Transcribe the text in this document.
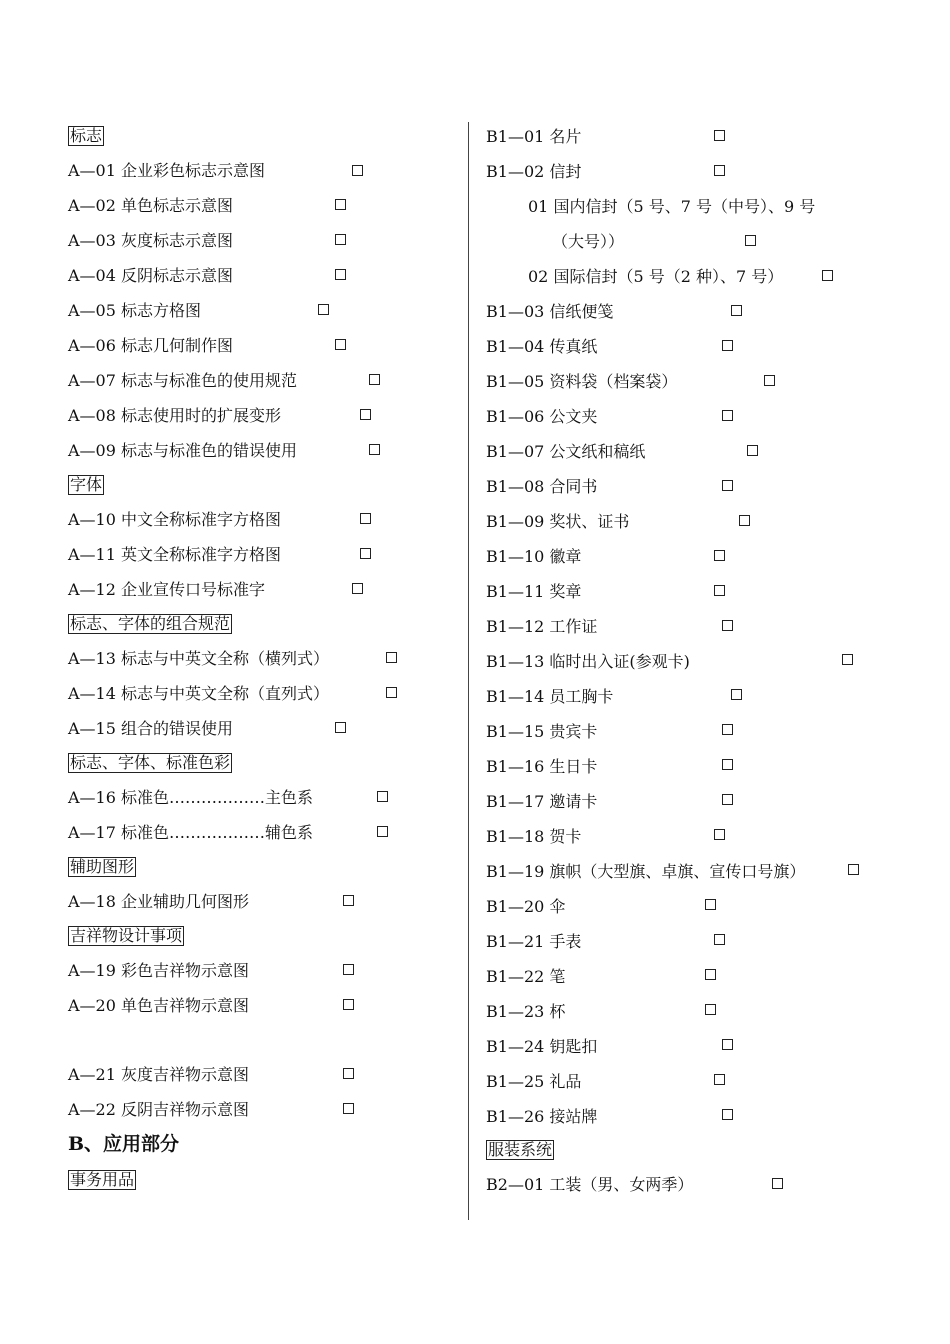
标志
A—01 企业彩色标志示意图
A—02 单色标志示意图
A—03 灰度标志示意图
A—04 反阴标志示意图
A—05 标志方格图
A—06 标志几何制作图
A—07 标志与标准色的使用规范
A—08 标志使用时的扩展变形
A—09 标志与标准色的错误使用
字体
A—10 中文全称标准字方格图
A—11 英文全称标准字方格图
A—12 企业宣传口号标准字
标志、字体的组合规范
A—13 标志与中英文全称（横列式）
A—14 标志与中英文全称（直列式）
A—15 组合的错误使用
标志、字体、标准色彩
A—16 标准色………………主色系
A—17 标准色………………辅色系
辅助图形
A—18 企业辅助几何图形
吉祥物设计事项
A—19 彩色吉祥物示意图
A—20 单色吉祥物示意图
A—21 灰度吉祥物示意图
A—22 反阴吉祥物示意图
B、应用部分
事务用品
B1—01 名片
B1—02 信封
01 国内信封（5 号、7 号（中号）、9 号
（大号））
02 国际信封（5 号（2 种）、7 号）
B1—03 信纸便笺
B1—04 传真纸
B1—05 资料袋（档案袋）
B1—06 公文夹
B1—07 公文纸和稿纸
B1—08 合同书
B1—09 奖状、证书
B1—10 徽章
B1—11 奖章
B1—12 工作证
B1—13 临时出入证(参观卡)
B1—14 员工胸卡
B1—15 贵宾卡
B1—16 生日卡
B1—17 邀请卡
B1—18 贺卡
B1—19 旗帜（大型旗、卓旗、宣传口号旗）
B1—20 伞
B1—21 手表
B1—22 笔
B1—23 杯
B1—24 钥匙扣
B1—25 礼品
B1—26 接站牌
服装系统
B2—01 工装（男、女两季）
